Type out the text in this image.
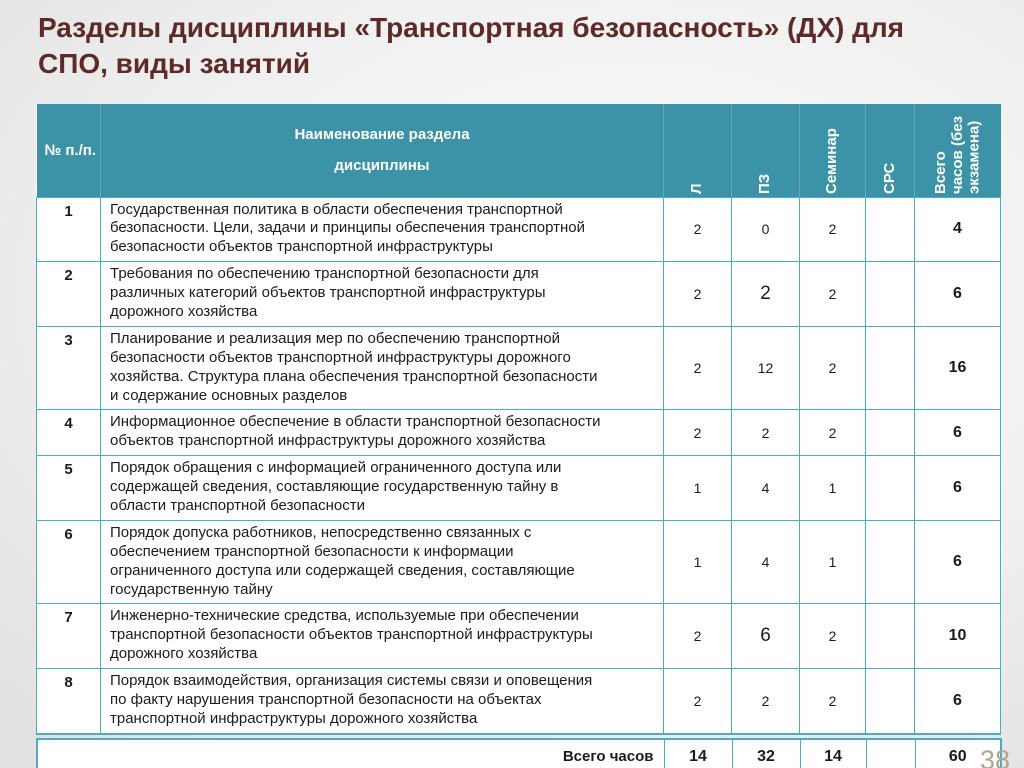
Разделы дисциплины «Транспортная безопасность» (ДХ) для
СПО, виды занятий
№ п./п.	Наименование раздела дисциплины	Л	ПЗ	Семинар	СРС	Всего часов (без экзамена)

1	Государственная политика в области обеспечения транспортной безопасности. Цели, задачи и принципы обеспечения транспортной безопасности объектов транспортной инфраструктуры	2	0	2		4
2	Требования по обеспечению транспортной безопасности для различных категорий объектов транспортной инфраструктуры дорожного хозяйства	2	2	2		6
3	Планирование и реализация мер по обеспечению транспортной безопасности объектов транспортной инфраструктуры дорожного хозяйства. Структура плана обеспечения транспортной безопасности и содержание основных разделов	2	12	2		16
4	Информационное обеспечение в области транспортной безопасности объектов транспортной инфраструктуры дорожного хозяйства	2	2	2		6
5	Порядок обращения с информацией ограниченного доступа или содержащей сведения, составляющие государственную тайну в области транспортной безопасности	1	4	1		6
6	Порядок допуска работников, непосредственно связанных с обеспечением транспортной безопасности к информации ограниченного доступа или содержащей сведения, составляющие государственную тайну	1	4	1		6
7	Инженерно-технические средства, используемые при обеспечении транспортной безопасности объектов транспортной инфраструктуры дорожного хозяйства	2	6	2		10
8	Порядок взаимодействия, организация системы связи и оповещения по факту нарушения транспортной безопасности на объектах транспортной инфраструктуры дорожного хозяйства	2	2	2		6
Всего часов	14	32	14		60 38
